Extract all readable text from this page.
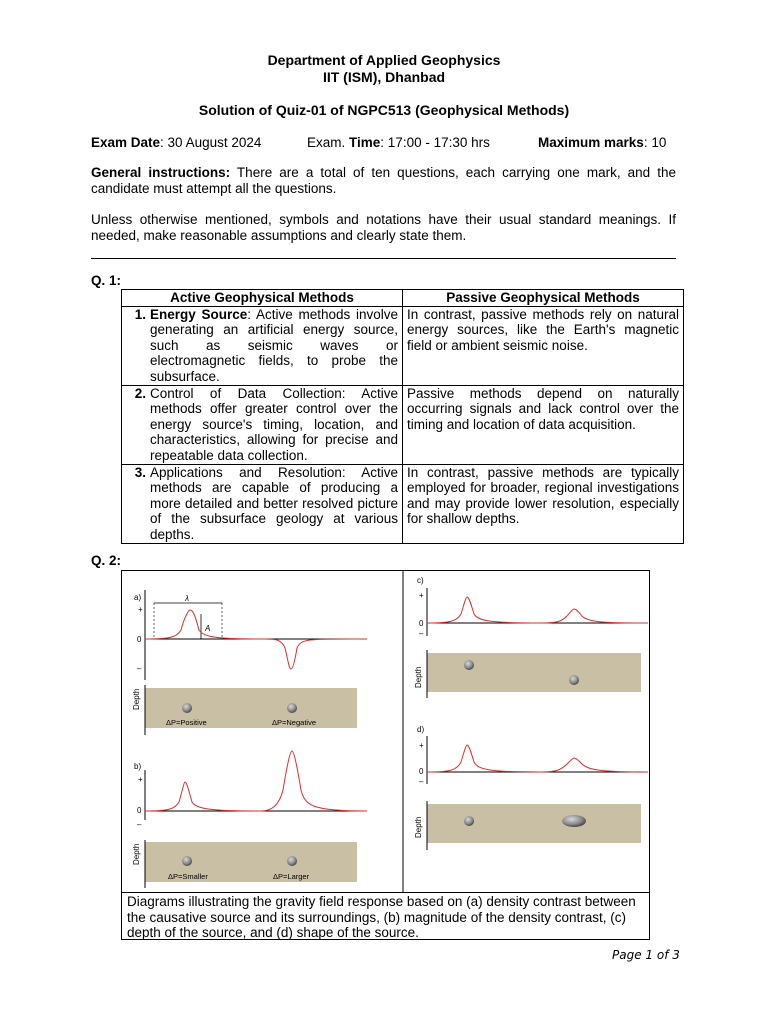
Department of Applied Geophysics
IIT (ISM), Dhanbad
Solution of Quiz-01 of NGPC513 (Geophysical Methods)
Exam Date: 30 August 2024	Exam. Time: 17:00 - 17:30 hrs	Maximum marks: 10
General instructions: There are a total of ten questions, each carrying one mark, and the candidate must attempt all the questions.
Unless otherwise mentioned, symbols and notations have their usual standard meanings. If needed, make reasonable assumptions and clearly state them.
Q. 1:
Active Geophysical Methods	Passive Geophysical Methods
1. Energy Source: Active methods involve generating an artificial energy source, such as seismic waves or electromagnetic fields, to probe the subsurface.	In contrast, passive methods rely on natural energy sources, like the Earth's magnetic field or ambient seismic noise.
2. Control of Data Collection: Active methods offer greater control over the energy source's timing, location, and characteristics, allowing for precise and repeatable data collection.	Passive methods depend on naturally occurring signals and lack control over the timing and location of data acquisition.
3. Applications and Resolution: Active methods are capable of producing a more detailed and better resolved picture of the subsurface geology at various depths.	In contrast, passive methods are typically employed for broader, regional investigations and may provide lower resolution, especially for shallow depths.
Q. 2:
a)
+
0
–
λ
A
Depth
ΔP=Positive	ΔP=Negative
b)
+
0
–
Depth
ΔP=Smaller	ΔP=Larger
c)
+
0
–
Depth
d)
+
0
–
Depth
Diagrams illustrating the gravity field response based on (a) density contrast between the causative source and its surroundings, (b) magnitude of the density contrast, (c) depth of the source, and (d) shape of the source.
Page 1 of 3
